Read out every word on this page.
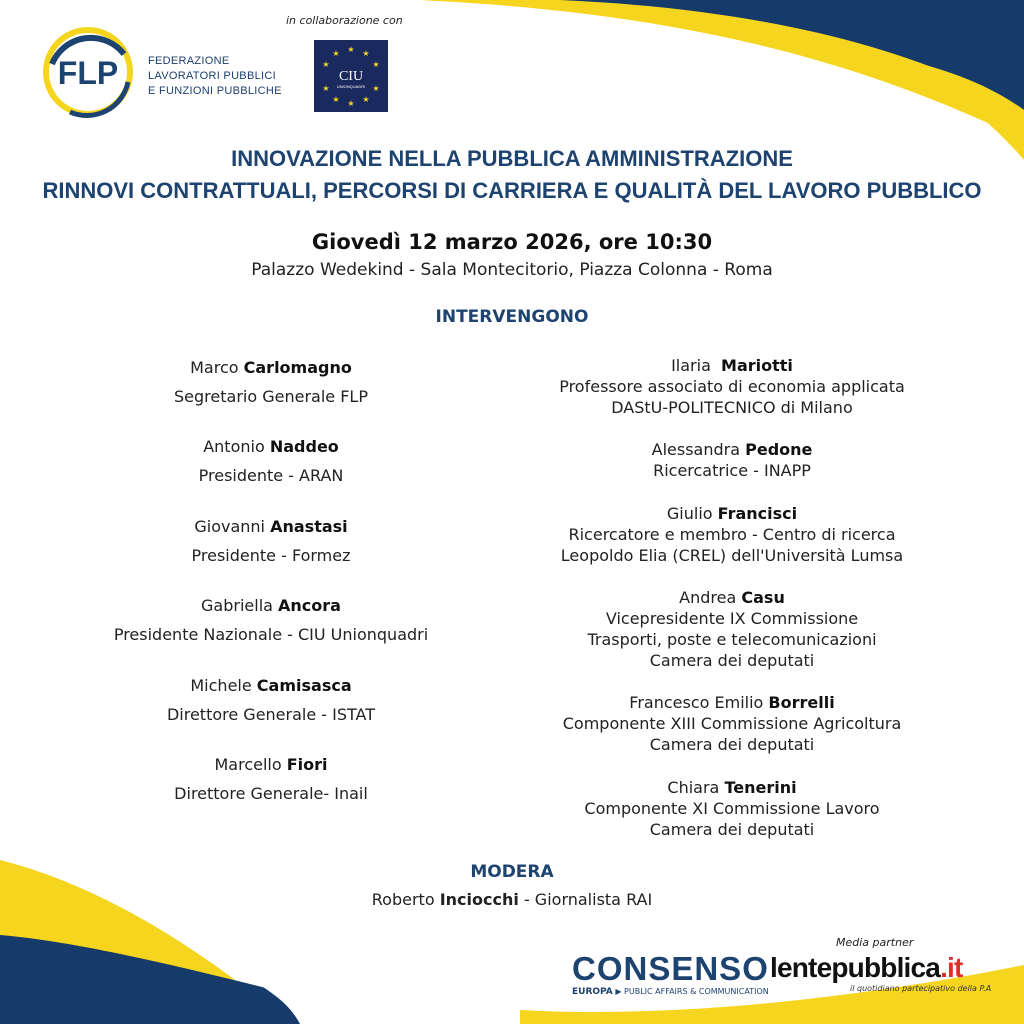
FLP	FEDERAZIONE
LAVORATORI PUBBLICI
E FUNZIONI PUBBLICHE
in collaborazione con
★ ★
★
★
★
★
★
★
★
★
CIU
UNIONQUADRI
INNOVAZIONE NELLA PUBBLICA AMMINISTRAZIONE
RINNOVI CONTRATTUALI, PERCORSI DI CARRIERA E QUALITÀ DEL LAVORO PUBBLICO
Giovedì 12 marzo 2026, ore 10:30
Palazzo Wedekind - Sala Montecitorio, Piazza Colonna - Roma
INTERVENGONO
Marco Carlomagno
Segretario Generale FLP
Antonio Naddeo
Presidente - ARAN
Giovanni Anastasi
Presidente - Formez
Gabriella Ancora
Presidente Nazionale - CIU Unionquadri
Michele Camisasca
Direttore Generale - ISTAT
Marcello Fiori
Direttore Generale- Inail
Ilaria Mariotti
Professore associato di economia applicata
DAStU-POLITECNICO di Milano
Alessandra Pedone
Ricercatrice - INAPP
Giulio Francisci
Ricercatore e membro - Centro di ricerca
Leopoldo Elia (CREL) dell'Università Lumsa
Andrea Casu
Vicepresidente IX Commissione
Trasporti, poste e telecomunicazioni
Camera dei deputati
Francesco Emilio Borrelli
Componente XIII Commissione Agricoltura
Camera dei deputati
Chiara Tenerini
Componente XI Commissione Lavoro
Camera dei deputati
MODERA
Roberto Inciocchi - Giornalista RAI
Media partner
CONSENSO
EUROPA ▶ PUBLIC AFFAIRS & COMMUNICATION
lentepubblica.it
il quotidiano partecipativo della P.A
